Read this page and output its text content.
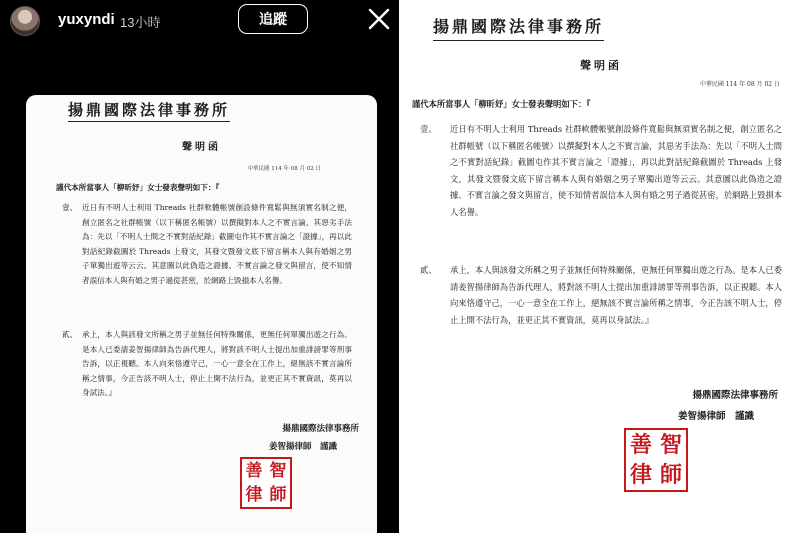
yuxyndi 13小時	追蹤
揚鼎國際法律事務所
聲明函
中華民國 114 年 08 月 02 日
謹代本所當事人「柳昕妤」女士發表聲明如下：『
壹、 近日有不明人士利用 Threads 社群軟體帳號創設條件寬鬆與無須實名制之便，創立匿名之社群帳號（以下稱匿名帳號）以撰擬對本人之不實言論，其惡劣手法為：先以「不明人士間之不實對話紀錄」截圖屯作其不實言論之「證據」，再以此對話紀錄截圖於 Threads 上發文，其發文暨發文底下留言稱本人與有婚姻之男子單獨出遊等云云。其意圖以此偽造之證據、不實言論之發文與留言，使不知情者誤信本人與有婚之男子過從甚密，於網路上毀損本人名譽。
貳、 承上，本人與該發文所稱之男子並無任何特殊關係，更無任何單獨出遊之行為。是本人已委請姜智揚律師為告訴代理人，將對該不明人士提出加重誹謗罪等刑事告訴，以正視聽。本人向來恪遵守己，一心一意全在工作上，絕無該不實言論所稱之情事，今正告該不明人士，停止上開不法行為，並更正其不實資訊，莫再以身試法。』
揚鼎國際法律事務所
姜智揚律師　謹識
善 智
律 師
揚鼎國際法律事務所
聲明函
中華民國 114 年 08 月 02 日
謹代本所當事人「柳昕妤」女士發表聲明如下：『
壹、	近日有不明人士利用 Threads 社群軟體帳號創設條件寬鬆與無須實名制之便，創立匿名之社群帳號（以下稱匿名帳號）以撰擬對本人之不實言論，其惡劣手法為：先以「不明人士間之不實對話紀錄」截圖屯作其不實言論之「證據」，再以此對話紀錄截圖於 Threads 上發文，其發文暨發文底下留言稱本人與有婚姻之男子單獨出遊等云云。其意圖以此偽造之證據、不實言論之發文與留言，使不知情者誤信本人與有婚之男子過從甚密，於網路上毀損本人名譽。
貳、	承上，本人與該發文所稱之男子並無任何特殊關係，更無任何單獨出遊之行為。是本人已委請姜智揚律師為告訴代理人，將對該不明人士提出加重誹謗罪等刑事告訴，以正視聽。本人向來恪遵守己，一心一意全在工作上，絕無該不實言論所稱之情事，今正告該不明人士，停止上開不法行為，並更正其不實資訊，莫再以身試法。』
揚鼎國際法律事務所
姜智揚律師　謹識
善 智
律 師
